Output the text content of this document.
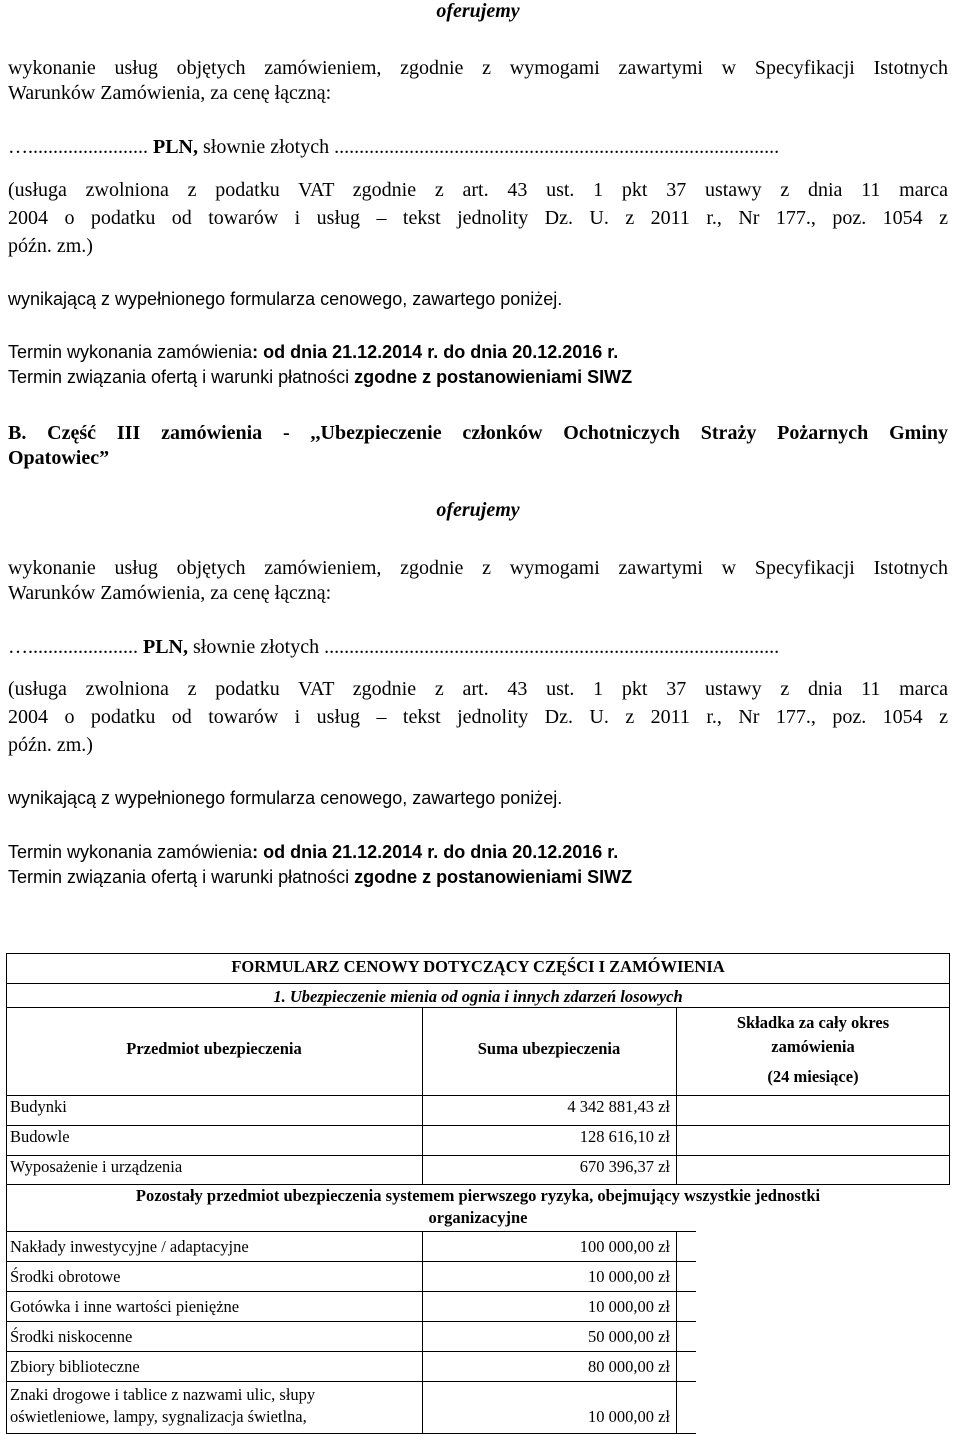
oferujemy
wykonanie usług objętych zamówieniem, zgodnie z wymogami zawartymi w Specyfikacji Istotnych
Warunków Zamówienia, za cenę łączną:
…........................ PLN, słownie złotych .........................................................................................
(usługa zwolniona z podatku VAT zgodnie z art. 43 ust. 1 pkt 37 ustawy z dnia 11 marca
2004 o podatku od towarów i usług – tekst jednolity Dz. U. z 2011 r., Nr 177., poz. 1054 z
późn. zm.)
wynikającą z wypełnionego formularza cenowego, zawartego poniżej.
Termin wykonania zamówienia: od dnia 21.12.2014 r. do dnia 20.12.2016 r.
Termin związania ofertą i warunki płatności zgodne z postanowieniami SIWZ
B. Część III zamówienia - ,,Ubezpieczenie członków Ochotniczych Straży Pożarnych Gminy
Opatowiec”
oferujemy
wykonanie usług objętych zamówieniem, zgodnie z wymogami zawartymi w Specyfikacji Istotnych
Warunków Zamówienia, za cenę łączną:
…...................... PLN, słownie złotych ...........................................................................................
(usługa zwolniona z podatku VAT zgodnie z art. 43 ust. 1 pkt 37 ustawy z dnia 11 marca
2004 o podatku od towarów i usług – tekst jednolity Dz. U. z 2011 r., Nr 177., poz. 1054 z
późn. zm.)
wynikającą z wypełnionego formularza cenowego, zawartego poniżej.
Termin wykonania zamówienia: od dnia 21.12.2014 r. do dnia 20.12.2016 r.
Termin związania ofertą i warunki płatności zgodne z postanowieniami SIWZ
FORMULARZ CENOWY DOTYCZĄCY CZĘŚCI I ZAMÓWIENIA
1. Ubezpieczenie mienia od ognia i innych zdarzeń losowych
Przedmiot ubezpieczenia	Suma ubezpieczenia
Składka za cały okres
zamówienia
(24 miesiące)
Budynki	4 342 881,43 zł
Budowle	128 616,10 zł
Wyposażenie i urządzenia	670 396,37 zł
Pozostały przedmiot ubezpieczenia systemem pierwszego ryzyka, obejmujący wszystkie jednostki
organizacyjne
Nakłady inwestycyjne / adaptacyjne	100 000,00 zł
Środki obrotowe	10 000,00 zł
Gotówka i inne wartości pieniężne	10 000,00 zł
Środki niskocenne	50 000,00 zł
Zbiory biblioteczne	80 000,00 zł
Znaki drogowe i tablice z nazwami ulic, słupy
oświetleniowe, lampy, sygnalizacja świetlna,	10 000,00 zł
